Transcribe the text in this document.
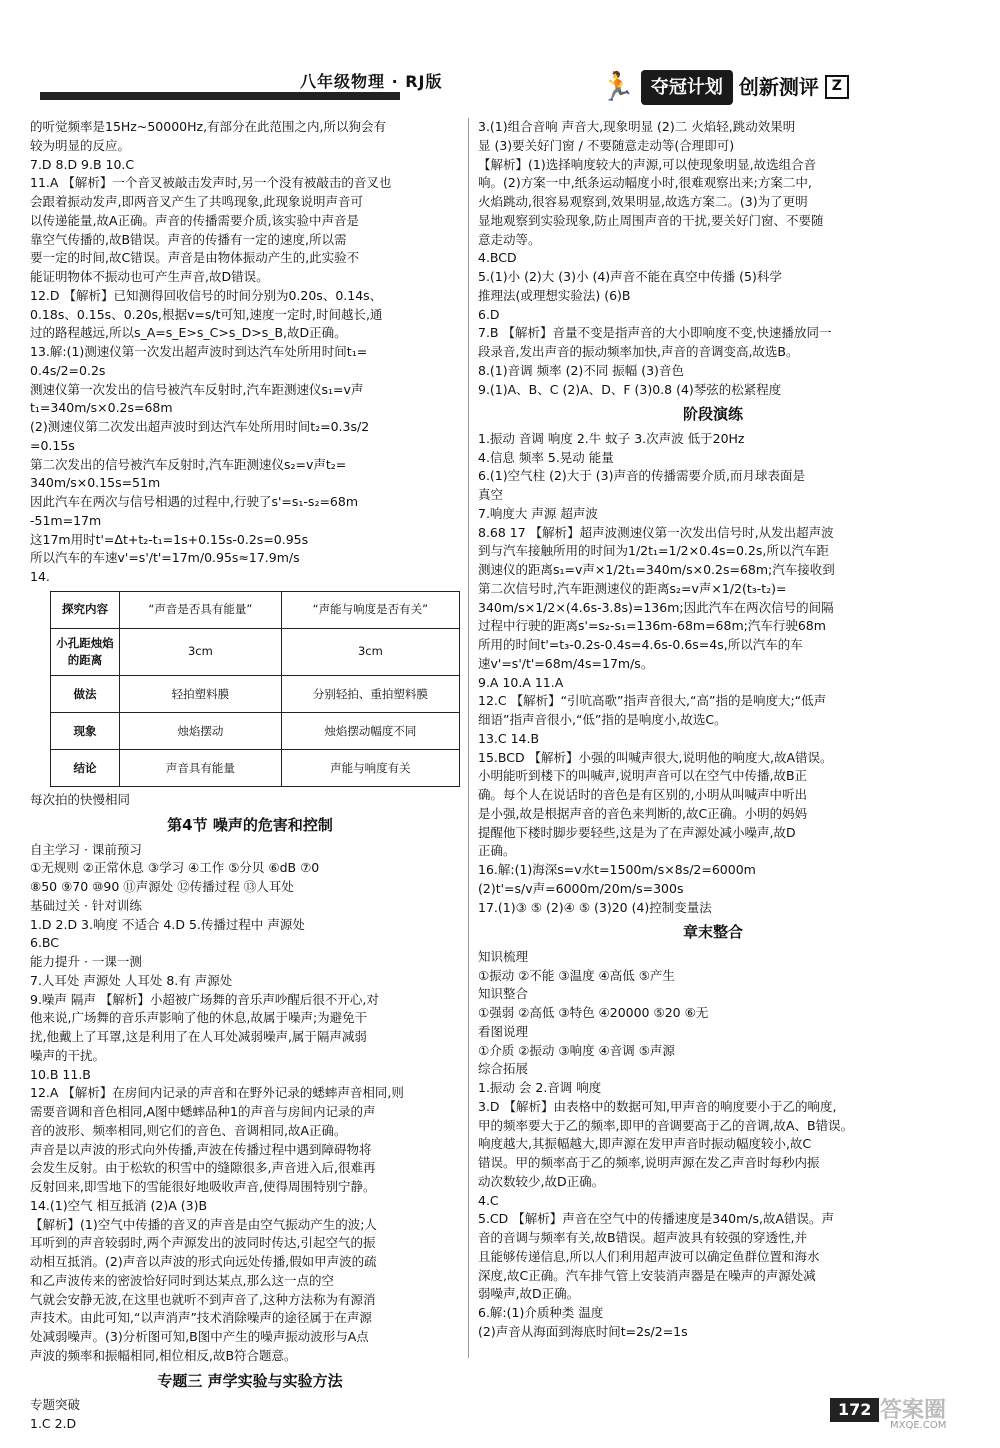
八年级物理 · RJ版	🏃 夺冠计划 创新测评 Z

的听觉频率是15Hz~50000Hz,有部分在此范围之内,所以狗会有

较为明显的反应。

7.D 8.D 9.B 10.C

11.A 【解析】一个音叉被敲击发声时,另一个没有被敲击的音叉也

会跟着振动发声,即两音叉产生了共鸣现象,此现象说明声音可

以传递能量,故A正确。声音的传播需要介质,该实验中声音是

靠空气传播的,故B错误。声音的传播有一定的速度,所以需

要一定的时间,故C错误。声音是由物体振动产生的,此实验不

能证明物体不振动也可产生声音,故D错误。

12.D 【解析】已知测得回收信号的时间分别为0.20s、0.14s、

0.18s、0.15s、0.20s,根据v=s/t可知,速度一定时,时间越长,通

过的路程越远,所以s_A=s_E>s_C>s_D>s_B,故D正确。

13.解:(1)测速仪第一次发出超声波时到达汽车处所用时间t₁=

0.4s/2=0.2s

测速仪第一次发出的信号被汽车反射时,汽车距测速仪s₁=v声

t₁=340m/s×0.2s=68m

(2)测速仪第二次发出超声波时到达汽车处所用时间t₂=0.3s/2

=0.15s

第二次发出的信号被汽车反射时,汽车距测速仪s₂=v声t₂=

340m/s×0.15s=51m

因此汽车在两次与信号相遇的过程中,行驶了s'=s₁-s₂=68m

-51m=17m

这17m用时t'=Δt+t₂-t₁=1s+0.15s-0.2s=0.95s

所以汽车的车速v'=s'/t'=17m/0.95s≈17.9m/s

14.

探究内容	“声音是否具有能量”	“声能与响度是否有关”
小孔距烛焰的距离	3cm	3cm
做法	轻拍塑料膜	分别轻拍、重拍塑料膜
现象	烛焰摆动	烛焰摆动幅度不同
结论	声音具有能量	声能与响度有关

每次拍的快慢相同

第4节 噪声的危害和控制

自主学习 · 课前预习

①无规则 ②正常休息 ③学习 ④工作 ⑤分贝 ⑥dB ⑦0

⑧50 ⑨70 ⑩90 ⑪声源处 ⑫传播过程 ⑬人耳处

基础过关 · 针对训练

1.D 2.D 3.响度 不适合 4.D 5.传播过程中 声源处

6.BC

能力提升 · 一课一测

7.人耳处 声源处 人耳处 8.有 声源处

9.噪声 隔声 【解析】小超被广场舞的音乐声吵醒后很不开心,对

他来说,广场舞的音乐声影响了他的休息,故属于噪声;为避免干

扰,他戴上了耳罩,这是利用了在人耳处减弱噪声,属于隔声减弱

噪声的干扰。

10.B 11.B

12.A 【解析】在房间内记录的声音和在野外记录的蟋蟀声音相同,则

需要音调和音色相同,A图中蟋蟀品种1的声音与房间内记录的声

音的波形、频率相同,则它们的音色、音调相同,故A正确。

声音是以声波的形式向外传播,声波在传播过程中遇到障碍物将

会发生反射。由于松软的积雪中的缝隙很多,声音进入后,很难再

反射回来,即雪地下的雪能很好地吸收声音,使得周围特别宁静。

14.(1)空气 相互抵消 (2)A (3)B

【解析】(1)空气中传播的音叉的声音是由空气振动产生的波;人

耳听到的声音较弱时,两个声源发出的波同时传达,引起空气的振

动相互抵消。(2)声音以声波的形式向远处传播,假如甲声波的疏

和乙声波传来的密波恰好同时到达某点,那么这一点的空

气就会安静无波,在这里也就听不到声音了,这种方法称为有源消

声技术。由此可知,“以声消声”技术消除噪声的途径属于在声源

处减弱噪声。(3)分析图可知,B图中产生的噪声振动波形与A点

声波的频率和振幅相同,相位相反,故B符合题意。

专题三 声学实验与实验方法

专题突破

1.C 2.D

3.(1)组合音响 声音大,现象明显 (2)二 火焰轻,跳动效果明

显 (3)要关好门窗 / 不要随意走动等(合理即可)

【解析】(1)选择响度较大的声源,可以使现象明显,故选组合音

响。(2)方案一中,纸条运动幅度小时,很难观察出来;方案二中,

火焰跳动,很容易观察到,效果明显,故选方案二。(3)为了更明

显地观察到实验现象,防止周围声音的干扰,要关好门窗、不要随

意走动等。

4.BCD

5.(1)小 (2)大 (3)小 (4)声音不能在真空中传播 (5)科学

推理法(或理想实验法) (6)B

6.D

7.B 【解析】音量不变是指声音的大小即响度不变,快速播放同一

段录音,发出声音的振动频率加快,声音的音调变高,故选B。

8.(1)音调 频率 (2)不同 振幅 (3)音色

9.(1)A、B、C (2)A、D、F (3)0.8 (4)琴弦的松紧程度

阶段演练

1.振动 音调 响度 2.牛 蚊子 3.次声波 低于20Hz

4.信息 频率 5.晃动 能量

6.(1)空气柱 (2)大于 (3)声音的传播需要介质,而月球表面是

真空

7.响度大 声源 超声波

8.68 17 【解析】超声波测速仪第一次发出信号时,从发出超声波

到与汽车接触所用的时间为1/2t₁=1/2×0.4s=0.2s,所以汽车距

测速仪的距离s₁=v声×1/2t₁=340m/s×0.2s=68m;汽车接收到

第二次信号时,汽车距测速仪的距离s₂=v声×1/2(t₃-t₂)=

340m/s×1/2×(4.6s-3.8s)=136m;因此汽车在两次信号的间隔

过程中行驶的距离s'=s₂-s₁=136m-68m=68m;汽车行驶68m

所用的时间t'=t₃-0.2s-0.4s=4.6s-0.6s=4s,所以汽车的车

速v'=s'/t'=68m/4s=17m/s。

9.A 10.A 11.A

12.C 【解析】“引吭高歌”指声音很大,“高”指的是响度大;“低声

细语”指声音很小,“低”指的是响度小,故选C。

13.C 14.B

15.BCD 【解析】小强的叫喊声很大,说明他的响度大,故A错误。

小明能听到楼下的叫喊声,说明声音可以在空气中传播,故B正

确。每个人在说话时的音色是有区别的,小明从叫喊声中听出

是小强,故是根据声音的音色来判断的,故C正确。小明的妈妈

提醒他下楼时脚步要轻些,这是为了在声源处减小噪声,故D

正确。

16.解:(1)海深s=v水t=1500m/s×8s/2=6000m

(2)t'=s/v声=6000m/20m/s=300s

17.(1)③ ⑤ (2)④ ⑤ (3)20 (4)控制变量法

章末整合

知识梳理

①振动 ②不能 ③温度 ④高低 ⑤产生

知识整合

①强弱 ②高低 ③特色 ④20000 ⑤20 ⑥无

看图说理

①介质 ②振动 ③响度 ④音调 ⑤声源

综合拓展

1.振动 会 2.音调 响度

3.D 【解析】由表格中的数据可知,甲声音的响度要小于乙的响度,

甲的频率要大于乙的频率,即甲的音调要高于乙的音调,故A、B错误。

响度越大,其振幅越大,即声源在发甲声音时振动幅度较小,故C

错误。甲的频率高于乙的频率,说明声源在发乙声音时每秒内振

动次数较少,故D正确。

4.C

5.CD 【解析】声音在空气中的传播速度是340m/s,故A错误。声

音的音调与频率有关,故B错误。超声波具有较强的穿透性,并

且能够传递信息,所以人们利用超声波可以确定鱼群位置和海水

深度,故C正确。汽车排气管上安装消声器是在噪声的声源处减

弱噪声,故D正确。

6.解:(1)介质种类 温度

(2)声音从海面到海底时间t=2s/2=1s

172 答案圈
MXQE.COM
